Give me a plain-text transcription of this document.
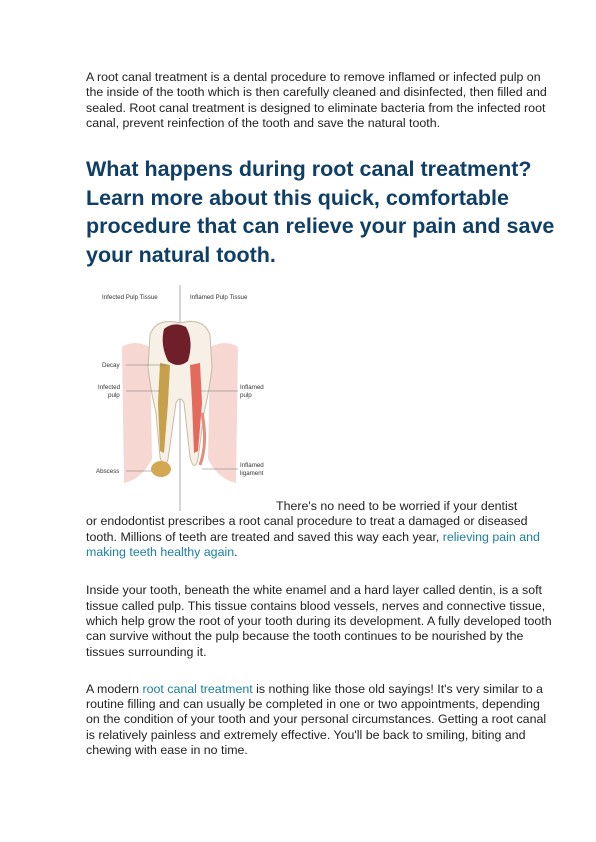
A root canal treatment is a dental procedure to remove inflamed or infected pulp on the inside of the tooth which is then carefully cleaned and disinfected, then filled and sealed. Root canal treatment is designed to eliminate bacteria from the infected root canal, prevent reinfection of the tooth and save the natural tooth.

What happens during root canal treatment? Learn more about this quick, comfortable procedure that can relieve your pain and save your natural tooth.
Infected Pulp Tissue	Inflamed Pulp Tissue
Decay
Infected
pulp
Inflamed
pulp
Abscess
Inflamed
ligament

There's no need to be worried if your dentist
or endodontist prescribes a root canal procedure to treat a damaged or diseased tooth. Millions of teeth are treated and saved this way each year, relieving pain and making teeth healthy again.

Inside your tooth, beneath the white enamel and a hard layer called dentin, is a soft tissue called pulp. This tissue contains blood vessels, nerves and connective tissue, which help grow the root of your tooth during its development. A fully developed tooth can survive without the pulp because the tooth continues to be nourished by the tissues surrounding it.

A modern root canal treatment is nothing like those old sayings! It's very similar to a routine filling and can usually be completed in one or two appointments, depending on the condition of your tooth and your personal circumstances. Getting a root canal is relatively painless and extremely effective. You'll be back to smiling, biting and chewing with ease in no time.
